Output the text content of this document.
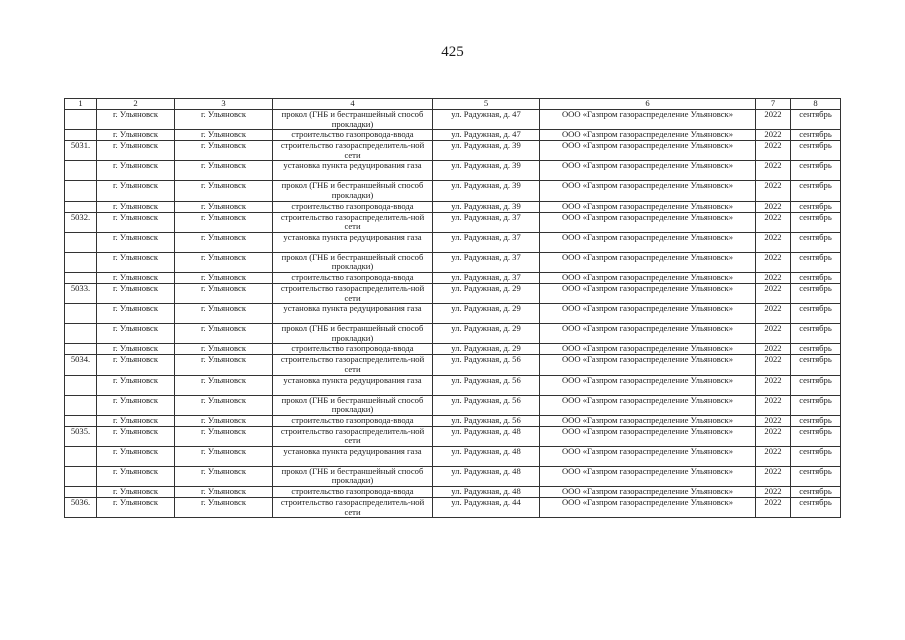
425
1	2	3	4	5	6	7	8
	г. Ульяновск	г. Ульяновск	прокол (ГНБ и бестраншейный способ прокладки)	ул. Радужная, д. 47	ООО «Газпром газораспределение Ульяновск»	2022	сентябрь
	г. Ульяновск	г. Ульяновск	строительство газопровода-ввода	ул. Радужная, д. 47	ООО «Газпром газораспределение Ульяновск»	2022	сентябрь
5031.	г. Ульяновск	г. Ульяновск	строительство газораспределитель-ной сети	ул. Радужная, д. 39	ООО «Газпром газораспределение Ульяновск»	2022	сентябрь
	г. Ульяновск	г. Ульяновск	установка пункта редуцирования газа	ул. Радужная, д. 39	ООО «Газпром газораспределение Ульяновск»	2022	сентябрь
	г. Ульяновск	г. Ульяновск	прокол (ГНБ и бестраншейный способ прокладки)	ул. Радужная, д. 39	ООО «Газпром газораспределение Ульяновск»	2022	сентябрь
	г. Ульяновск	г. Ульяновск	строительство газопровода-ввода	ул. Радужная, д. 39	ООО «Газпром газораспределение Ульяновск»	2022	сентябрь
5032.	г. Ульяновск	г. Ульяновск	строительство газораспределитель-ной сети	ул. Радужная, д. 37	ООО «Газпром газораспределение Ульяновск»	2022	сентябрь
	г. Ульяновск	г. Ульяновск	установка пункта редуцирования газа	ул. Радужная, д. 37	ООО «Газпром газораспределение Ульяновск»	2022	сентябрь
	г. Ульяновск	г. Ульяновск	прокол (ГНБ и бестраншейный способ прокладки)	ул. Радужная, д. 37	ООО «Газпром газораспределение Ульяновск»	2022	сентябрь
	г. Ульяновск	г. Ульяновск	строительство газопровода-ввода	ул. Радужная, д. 37	ООО «Газпром газораспределение Ульяновск»	2022	сентябрь
5033.	г. Ульяновск	г. Ульяновск	строительство газораспределитель-ной сети	ул. Радужная, д. 29	ООО «Газпром газораспределение Ульяновск»	2022	сентябрь
	г. Ульяновск	г. Ульяновск	установка пункта редуцирования газа	ул. Радужная, д. 29	ООО «Газпром газораспределение Ульяновск»	2022	сентябрь
	г. Ульяновск	г. Ульяновск	прокол (ГНБ и бестраншейный способ прокладки)	ул. Радужная, д. 29	ООО «Газпром газораспределение Ульяновск»	2022	сентябрь
	г. Ульяновск	г. Ульяновск	строительство газопровода-ввода	ул. Радужная, д. 29	ООО «Газпром газораспределение Ульяновск»	2022	сентябрь
5034.	г. Ульяновск	г. Ульяновск	строительство газораспределитель-ной сети	ул. Радужная, д. 56	ООО «Газпром газораспределение Ульяновск»	2022	сентябрь
	г. Ульяновск	г. Ульяновск	установка пункта редуцирования газа	ул. Радужная, д. 56	ООО «Газпром газораспределение Ульяновск»	2022	сентябрь
	г. Ульяновск	г. Ульяновск	прокол (ГНБ и бестраншейный способ прокладки)	ул. Радужная, д. 56	ООО «Газпром газораспределение Ульяновск»	2022	сентябрь
	г. Ульяновск	г. Ульяновск	строительство газопровода-ввода	ул. Радужная, д. 56	ООО «Газпром газораспределение Ульяновск»	2022	сентябрь
5035.	г. Ульяновск	г. Ульяновск	строительство газораспределитель-ной сети	ул. Радужная, д. 48	ООО «Газпром газораспределение Ульяновск»	2022	сентябрь
	г. Ульяновск	г. Ульяновск	установка пункта редуцирования газа	ул. Радужная, д. 48	ООО «Газпром газораспределение Ульяновск»	2022	сентябрь
	г. Ульяновск	г. Ульяновск	прокол (ГНБ и бестраншейный способ прокладки)	ул. Радужная, д. 48	ООО «Газпром газораспределение Ульяновск»	2022	сентябрь
	г. Ульяновск	г. Ульяновск	строительство газопровода-ввода	ул. Радужная, д. 48	ООО «Газпром газораспределение Ульяновск»	2022	сентябрь
5036.	г. Ульяновск	г. Ульяновск	строительство газораспределитель-ной сети	ул. Радужная, д. 44	ООО «Газпром газораспределение Ульяновск»	2022	сентябрь
